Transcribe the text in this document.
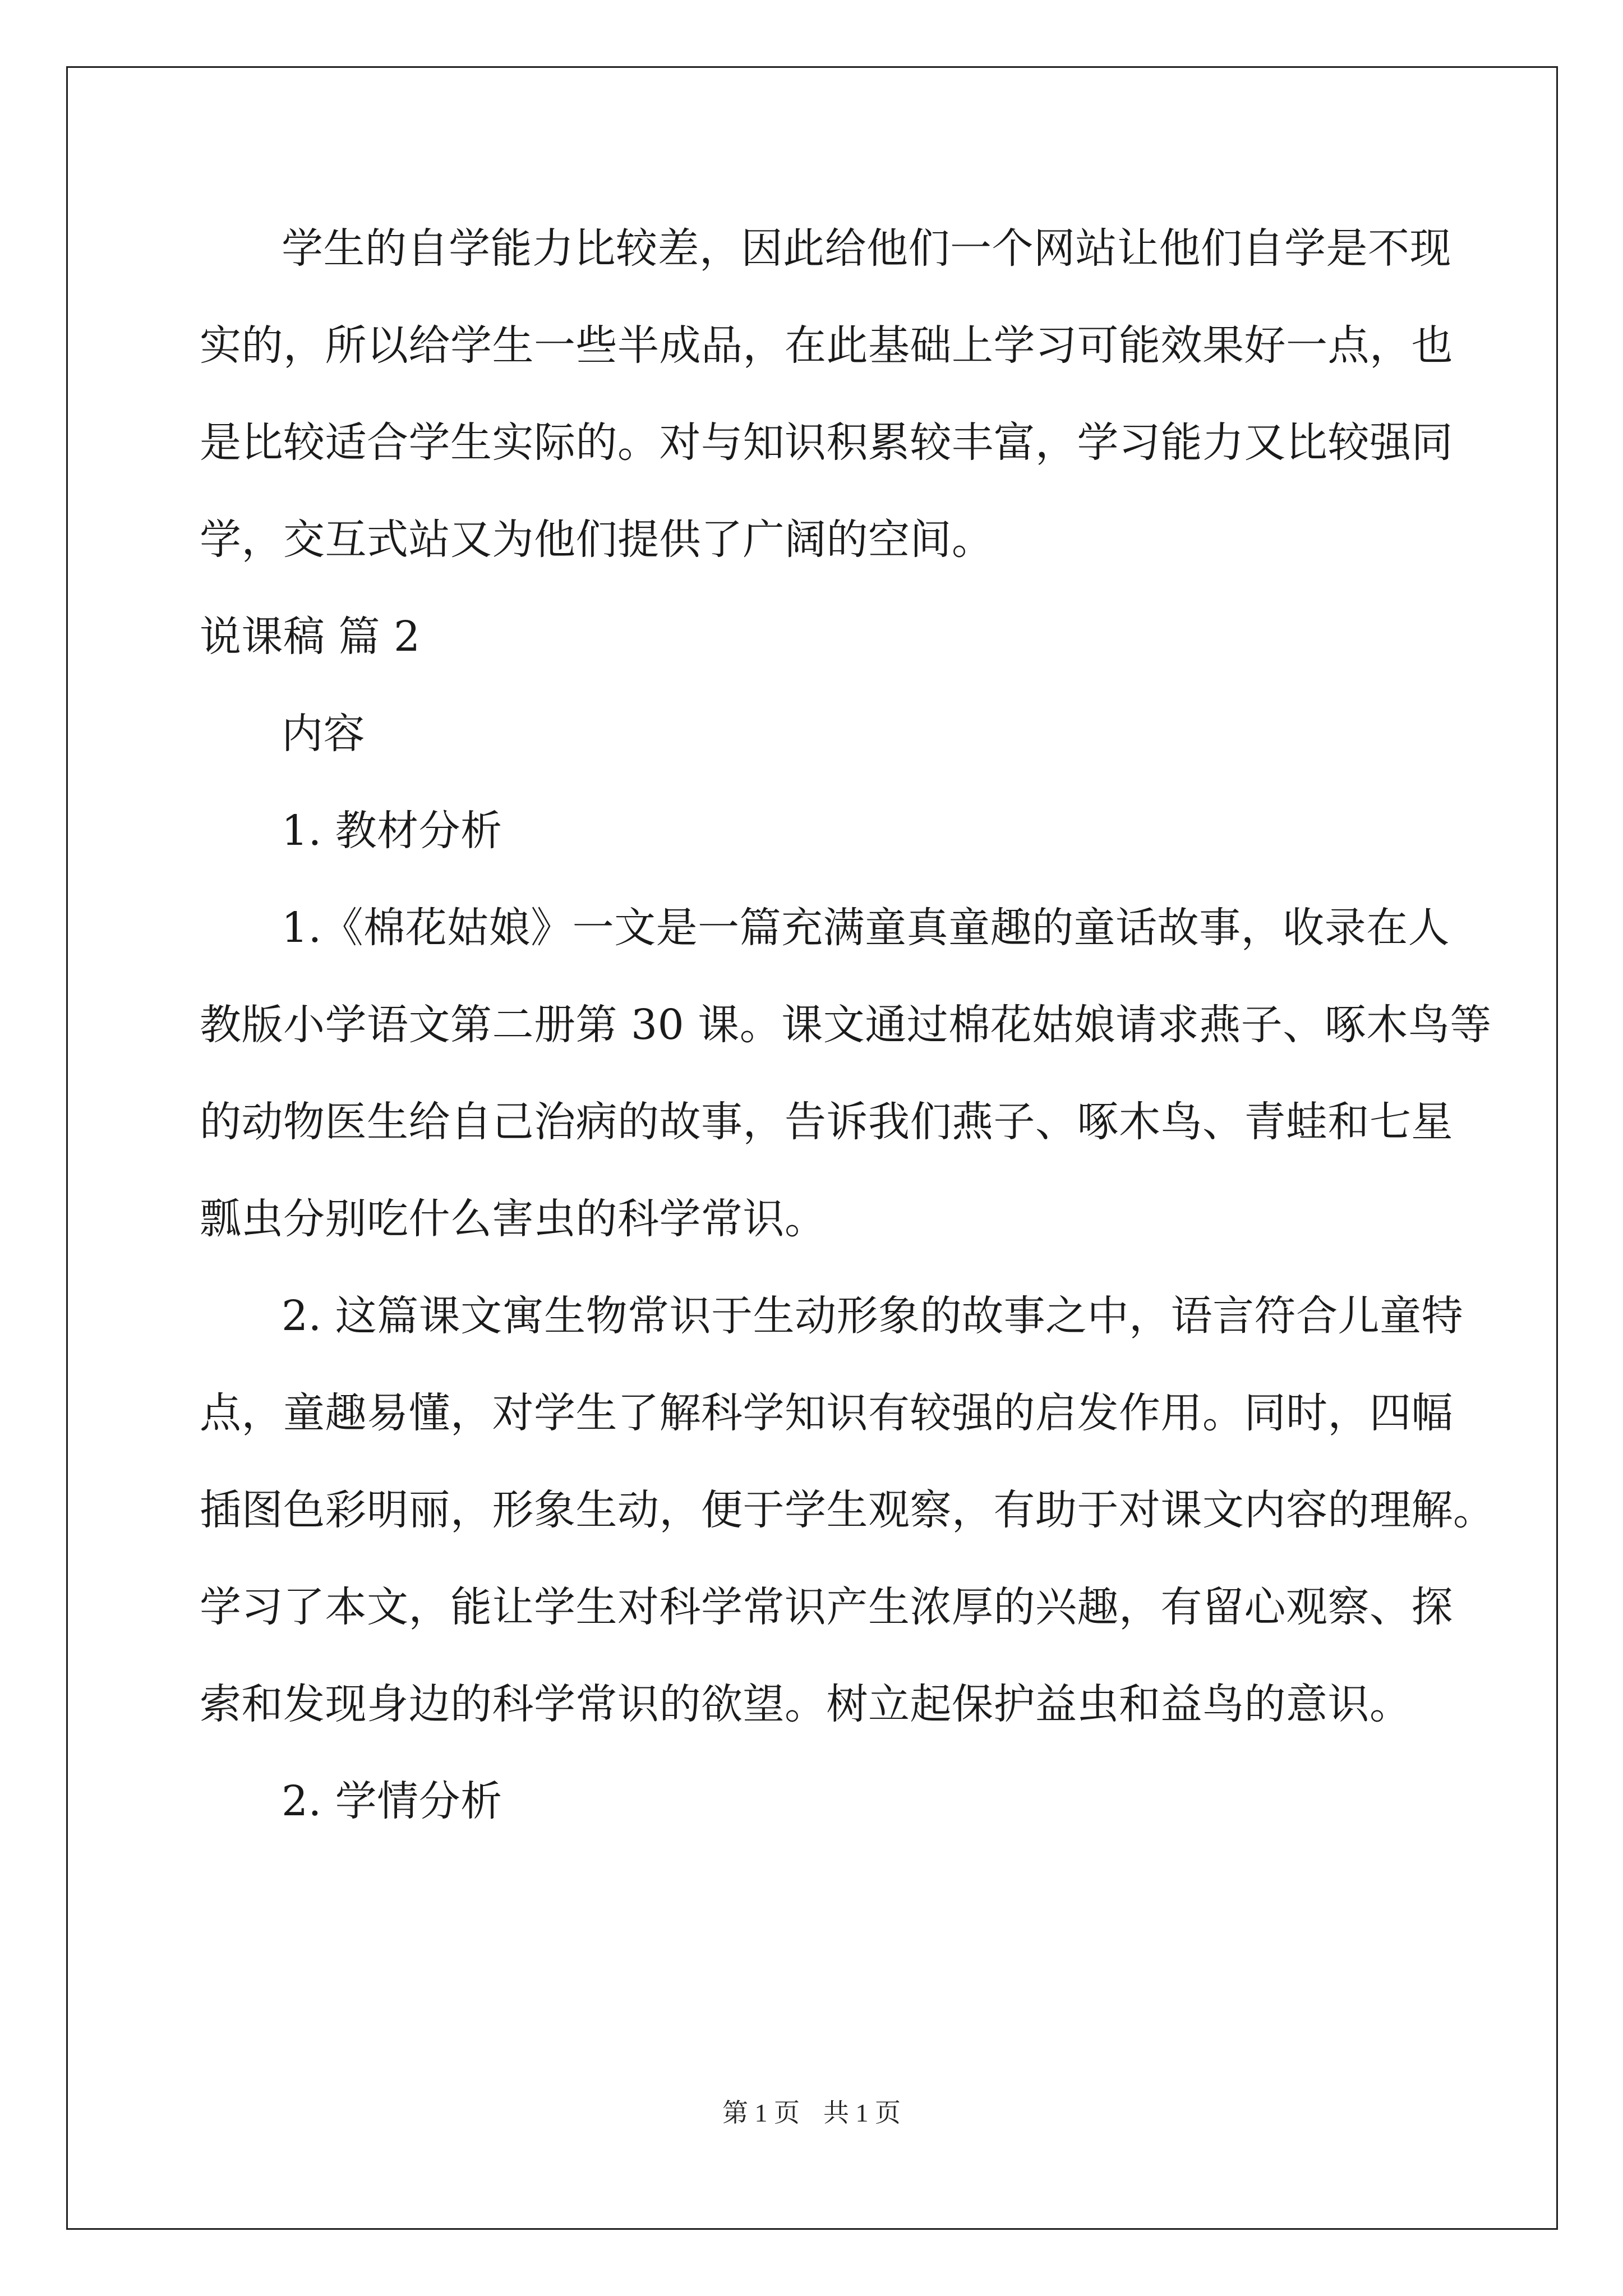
学生的自学能力比较差，因此给他们一个网站让他们自学是不现
实的，所以给学生一些半成品，在此基础上学习可能效果好一点，也
是比较适合学生实际的。对与知识积累较丰富，学习能力又比较强同
学，交互式站又为他们提供了广阔的空间。
说课稿 篇 2
内容
1. 教材分析
1.《棉花姑娘》一文是一篇充满童真童趣的童话故事，收录在人
教版小学语文第二册第 30 课。课文通过棉花姑娘请求燕子、啄木鸟等
的动物医生给自己治病的故事，告诉我们燕子、啄木鸟、青蛙和七星
瓢虫分别吃什么害虫的科学常识。
2. 这篇课文寓生物常识于生动形象的故事之中，语言符合儿童特
点，童趣易懂，对学生了解科学知识有较强的启发作用。同时，四幅
插图色彩明丽，形象生动，便于学生观察，有助于对课文内容的理解。
学习了本文，能让学生对科学常识产生浓厚的兴趣，有留心观察、探
索和发现身边的科学常识的欲望。树立起保护益虫和益鸟的意识。
2. 学情分析
第 1 页 共 1 页
